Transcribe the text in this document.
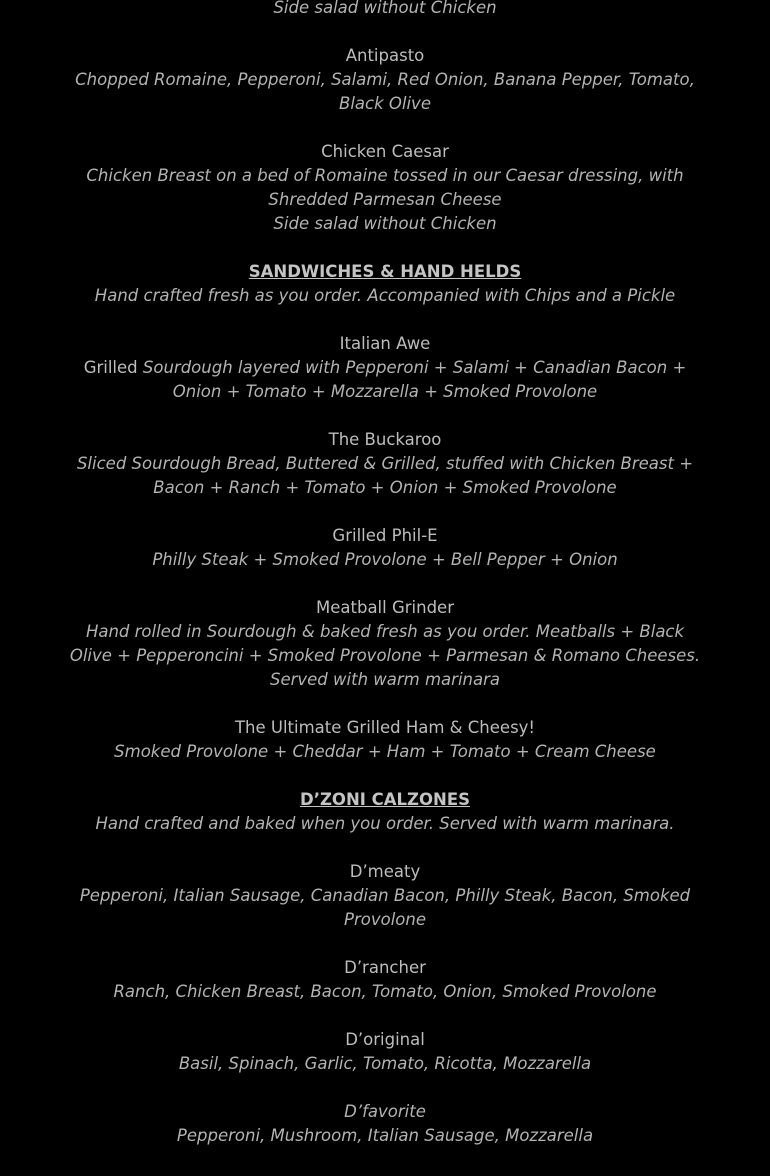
Side salad without Chicken

Antipasto

Chopped Romaine, Pepperoni, Salami, Red Onion, Banana Pepper, Tomato,

Black Olive

Chicken Caesar

Chicken Breast on a bed of Romaine tossed in our Caesar dressing, with

Shredded Parmesan Cheese

Side salad without Chicken

SANDWICHES & HAND HELDS

Hand crafted fresh as you order. Accompanied with Chips and a Pickle

Italian Awe

Grilled Sourdough layered with Pepperoni + Salami + Canadian Bacon +

Onion + Tomato + Mozzarella + Smoked Provolone

The Buckaroo

Sliced Sourdough Bread, Buttered & Grilled, stuffed with Chicken Breast +

Bacon + Ranch + Tomato + Onion + Smoked Provolone

Grilled Phil-E

Philly Steak + Smoked Provolone + Bell Pepper + Onion

Meatball Grinder

Hand rolled in Sourdough & baked fresh as you order. Meatballs + Black

Olive + Pepperoncini + Smoked Provolone + Parmesan & Romano Cheeses.

Served with warm marinara

The Ultimate Grilled Ham & Cheesy!

Smoked Provolone + Cheddar + Ham + Tomato + Cream Cheese

D’ZONI CALZONES

Hand crafted and baked when you order. Served with warm marinara.

D’meaty

Pepperoni, Italian Sausage, Canadian Bacon, Philly Steak, Bacon, Smoked

Provolone

D’rancher

Ranch, Chicken Breast, Bacon, Tomato, Onion, Smoked Provolone

D’original

Basil, Spinach, Garlic, Tomato, Ricotta, Mozzarella

D’favorite

Pepperoni, Mushroom, Italian Sausage, Mozzarella
